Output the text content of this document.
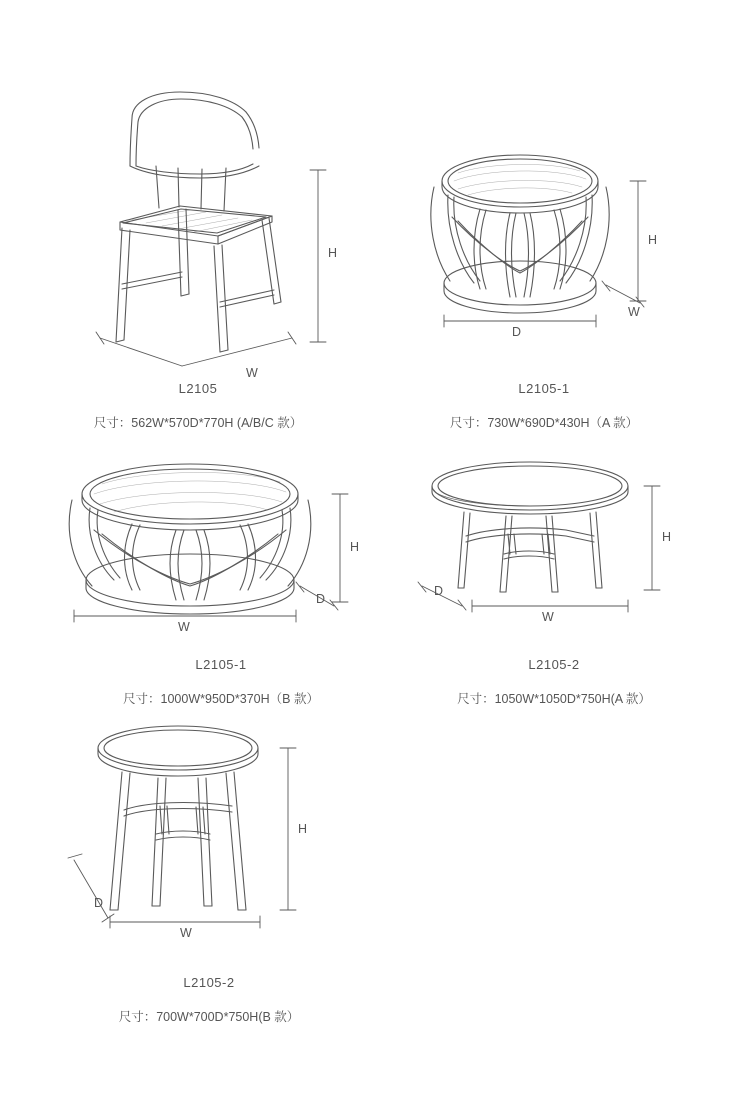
H
W
L2105
尺寸：562W*570D*770H (A/B/C 款）
H
D
W
L2105-1
尺寸：730W*690D*430H（A 款）
H
W
D
L2105-1
尺寸：1000W*950D*370H（B 款）
H
W
D
L2105-2
尺寸：1050W*1050D*750H(A 款）
H
W
D
L2105-2
尺寸：700W*700D*750H(B 款）
